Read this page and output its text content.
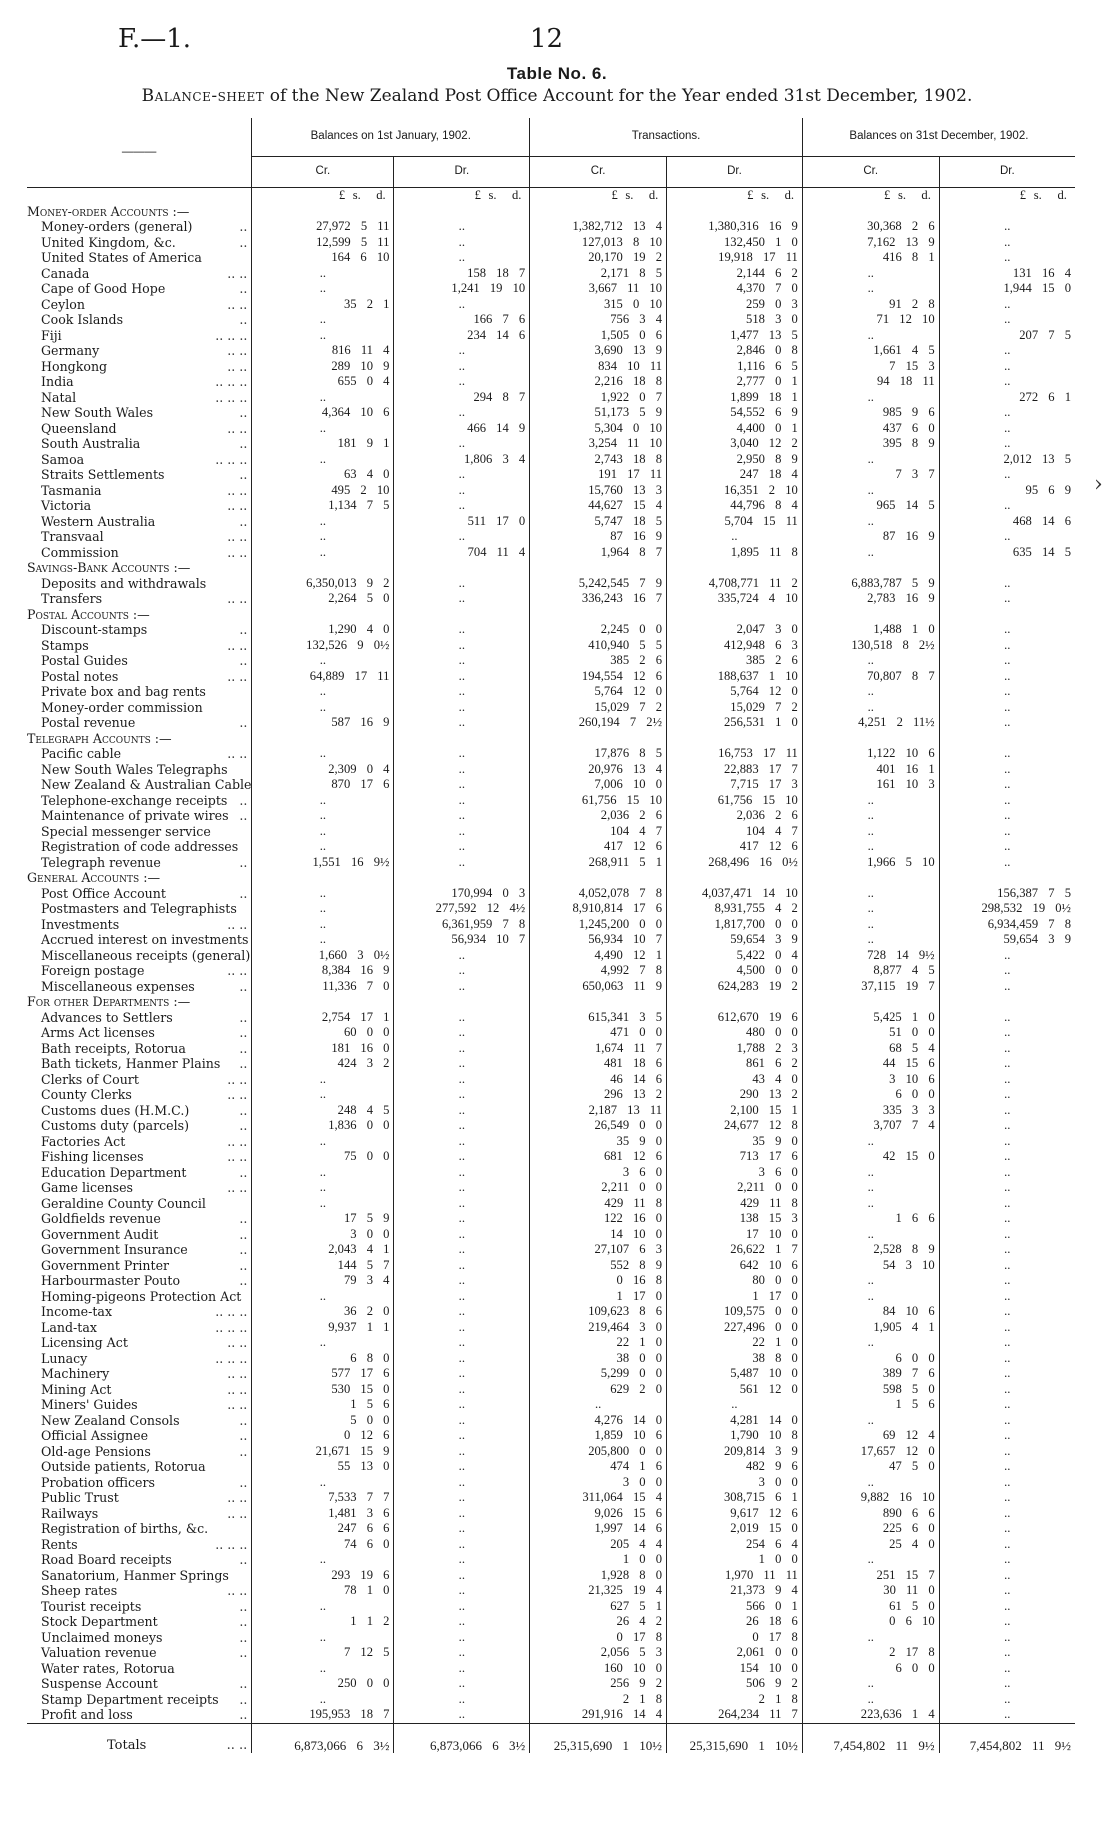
F.—1.	12
Table No. 6.
Balance-sheet of the New Zealand Post Office Account for the Year ended 31st December, 1902.
———		Balances on 1st January, 1902.						Transactions.						Balances on 31st December, 1902.					
		Cr.			Dr.			Cr.			Dr.			Cr.			Dr.		
		£	s.	d.	£	s.	d.	£	s.	d.	£	s.	d.	£	s.	d.	£	s.	d.
Money-order Accounts :—																			
Money-orders (general)	..	27,972 5 11			..			1,382,712 13 4			1,380,316 16 9			30,368 2 6			..		
United Kingdom, &c.	..	12,599 5 11			..			127,013 8 10			132,450 1 0			7,162 13 9			..		
United States of America		164 6 10			..			20,170 19 2			19,918 17 11			416 8 1			..		
Canada	.. ..	..			158 18 7			2,171 8 5			2,144 6 2			..			131 16 4		
Cape of Good Hope	..	..			1,241 19 10			3,667 11 10			4,370 7 0			..			1,944 15 0		
Ceylon	.. ..	35 2 1			..			315 0 10			259 0 3			91 2 8			..		
Cook Islands	..	..			166 7 6			756 3 4			518 3 0			71 12 10			..		
Fiji	.. .. ..	..			234 14 6			1,505 0 6			1,477 13 5			..			207 7 5		
Germany	.. ..	816 11 4			..			3,690 13 9			2,846 0 8			1,661 4 5			..		
Hongkong	.. ..	289 10 9			..			834 10 11			1,116 6 5			7 15 3			..		
India	.. .. ..	655 0 4			..			2,216 18 8			2,777 0 1			94 18 11			..		
Natal	.. .. ..	..			294 8 7			1,922 0 7			1,899 18 1			..			272 6 1		
New South Wales	..	4,364 10 6			..			51,173 5 9			54,552 6 9			985 9 6			..		
Queensland	.. ..	..			466 14 9			5,304 0 10			4,400 0 1			437 6 0			..		
South Australia	..	181 9 1			..			3,254 11 10			3,040 12 2			395 8 9			..		
Samoa	.. .. ..	..			1,806 3 4			2,743 18 8			2,950 8 9			..			2,012 13 5		
Straits Settlements	..	63 4 0			..			191 17 11			247 18 4			7 3 7			..		
Tasmania	.. ..	495 2 10			..			15,760 13 3			16,351 2 10			..			95 6 9		
Victoria	.. ..	1,134 7 5			..			44,627 15 4			44,796 8 4			965 14 5			..		
Western Australia	..	..			511 17 0			5,747 18 5			5,704 15 11			..			468 14 6		
Transvaal	.. ..	..			..			87 16 9			..			87 16 9			..		
Commission	.. ..	..			704 11 4			1,964 8 7			1,895 11 8			..			635 14 5		
Savings-Bank Accounts :—																			
Deposits and withdrawals		6,350,013 9 2			..			5,242,545 7 9			4,708,771 11 2			6,883,787 5 9			..		
Transfers	.. ..	2,264 5 0			..			336,243 16 7			335,724 4 10			2,783 16 9			..		
Postal Accounts :—																			
Discount-stamps	..	1,290 4 0			..			2,245 0 0			2,047 3 0			1,488 1 0			..		
Stamps	.. ..	132,526 9 0½			..			410,940 5 5			412,948 6 3			130,518 8 2½			..		
Postal Guides	..	..			..			385 2 6			385 2 6			..			..		
Postal notes	.. ..	64,889 17 11			..			194,554 12 6			188,637 1 10			70,807 8 7			..		
Private box and bag rents		..			..			5,764 12 0			5,764 12 0			..			..		
Money-order commission		..			..			15,029 7 2			15,029 7 2			..			..		
Postal revenue	..	587 16 9			..			260,194 7 2½			256,531 1 0			4,251 2 11½			..		
Telegraph Accounts :—																			
Pacific cable	.. ..	..			..			17,876 8 5			16,753 17 11			1,122 10 6			..		
New South Wales Telegraphs		2,309 0 4			..			20,976 13 4			22,883 17 7			401 16 1			..		
New Zealand & Australian Cable		870 17 6			..			7,006 10 0			7,715 17 3			161 10 3			..		
Telephone-exchange receipts	..	..			..			61,756 15 10			61,756 15 10			..			..		
Maintenance of private wires	..	..			..			2,036 2 6			2,036 2 6			..			..		
Special messenger service		..			..			104 4 7			104 4 7			..			..		
Registration of code addresses		..			..			417 12 6			417 12 6			..			..		
Telegraph revenue	..	1,551 16 9½			..			268,911 5 1			268,496 16 0½			1,966 5 10			..		
General Accounts :—																			
Post Office Account	..	..			170,994 0 3			4,052,078 7 8			4,037,471 14 10			..			156,387 7 5		
Postmasters and Telegraphists		..			277,592 12 4½			8,910,814 17 6			8,931,755 4 2			..			298,532 19 0½		
Investments	.. ..	..			6,361,959 7 8			1,245,200 0 0			1,817,700 0 0			..			6,934,459 7 8		
Accrued interest on investments		..			56,934 10 7			56,934 10 7			59,654 3 9			..			59,654 3 9		
Miscellaneous receipts (general)		1,660 3 0½			..			4,490 12 1			5,422 0 4			728 14 9½			..		
Foreign postage	.. ..	8,384 16 9			..			4,992 7 8			4,500 0 0			8,877 4 5			..		
Miscellaneous expenses	..	11,336 7 0			..			650,063 11 9			624,283 19 2			37,115 19 7			..		
For other Departments :—																			
Advances to Settlers	..	2,754 17 1			..			615,341 3 5			612,670 19 6			5,425 1 0			..		
Arms Act licenses	..	60 0 0			..			471 0 0			480 0 0			51 0 0			..		
Bath receipts, Rotorua	..	181 16 0			..			1,674 11 7			1,788 2 3			68 5 4			..		
Bath tickets, Hanmer Plains	..	424 3 2			..			481 18 6			861 6 2			44 15 6			..		
Clerks of Court	.. ..	..			..			46 14 6			43 4 0			3 10 6			..		
County Clerks	.. ..	..			..			296 13 2			290 13 2			6 0 0			..		
Customs dues (H.M.C.)	..	248 4 5			..			2,187 13 11			2,100 15 1			335 3 3			..		
Customs duty (parcels)	..	1,836 0 0			..			26,549 0 0			24,677 12 8			3,707 7 4			..		
Factories Act	.. ..	..			..			35 9 0			35 9 0			..			..		
Fishing licenses	.. ..	75 0 0			..			681 12 6			713 17 6			42 15 0			..		
Education Department	..	..			..			3 6 0			3 6 0			..			..		
Game licenses	.. ..	..			..			2,211 0 0			2,211 0 0			..			..		
Geraldine County Council		..			..			429 11 8			429 11 8			..			..		
Goldfields revenue	..	17 5 9			..			122 16 0			138 15 3			1 6 6			..		
Government Audit	..	3 0 0			..			14 10 0			17 10 0			..			..		
Government Insurance	..	2,043 4 1			..			27,107 6 3			26,622 1 7			2,528 8 9			..		
Government Printer	..	144 5 7			..			552 8 9			642 10 6			54 3 10			..		
Harbourmaster Pouto	..	79 3 4			..			0 16 8			80 0 0			..			..		
Homing-pigeons Protection Act		..			..			1 17 0			1 17 0			..			..		
Income-tax	.. .. ..	36 2 0			..			109,623 8 6			109,575 0 0			84 10 6			..		
Land-tax	.. .. ..	9,937 1 1			..			219,464 3 0			227,496 0 0			1,905 4 1			..		
Licensing Act	.. ..	..			..			22 1 0			22 1 0			..			..		
Lunacy	.. .. ..	6 8 0			..			38 0 0			38 8 0			6 0 0			..		
Machinery	.. ..	577 17 6			..			5,299 0 0			5,487 10 0			389 7 6			..		
Mining Act	.. ..	530 15 0			..			629 2 0			561 12 0			598 5 0			..		
Miners' Guides	.. ..	1 5 6			..			..			..			1 5 6			..		
New Zealand Consols	..	5 0 0			..			4,276 14 0			4,281 14 0			..			..		
Official Assignee	..	0 12 6			..			1,859 10 6			1,790 10 8			69 12 4			..		
Old-age Pensions	..	21,671 15 9			..			205,800 0 0			209,814 3 9			17,657 12 0			..		
Outside patients, Rotorua		55 13 0			..			474 1 6			482 9 6			47 5 0			..		
Probation officers	..	..			..			3 0 0			3 0 0			..			..		
Public Trust	.. ..	7,533 7 7			..			311,064 15 4			308,715 6 1			9,882 16 10			..		
Railways	.. ..	1,481 3 6			..			9,026 15 6			9,617 12 6			890 6 6			..		
Registration of births, &c.		247 6 6			..			1,997 14 6			2,019 15 0			225 6 0			..		
Rents	.. .. ..	74 6 0			..			205 4 4			254 6 4			25 4 0			..		
Road Board receipts	..	..			..			1 0 0			1 0 0			..			..		
Sanatorium, Hanmer Springs		293 19 6			..			1,928 8 0			1,970 11 11			251 15 7			..		
Sheep rates	.. ..	78 1 0			..			21,325 19 4			21,373 9 4			30 11 0			..		
Tourist receipts	..	..			..			627 5 1			566 0 1			61 5 0			..		
Stock Department	..	1 1 2			..			26 4 2			26 18 6			0 6 10			..		
Unclaimed moneys	..	..			..			0 17 8			0 17 8			..			..		
Valuation revenue	..	7 12 5			..			2,056 5 3			2,061 0 0			2 17 8			..		
Water rates, Rotorua		..			..			160 10 0			154 10 0			6 0 0			..		
Suspense Account	..	250 0 0			..			256 9 2			506 9 2			..			..		
Stamp Department receipts	..	..			..			2 1 8			2 1 8			..			..		
Profit and loss	..	195,953 18 7			..			291,916 14 4			264,234 11 7			223,636 1 4			..		
Totals	.. ..	6,873,066 6 3½			6,873,066 6 3½			25,315,690 1 10½			25,315,690 1 10½			7,454,802 11 9½			7,454,802 11 9½		
›
